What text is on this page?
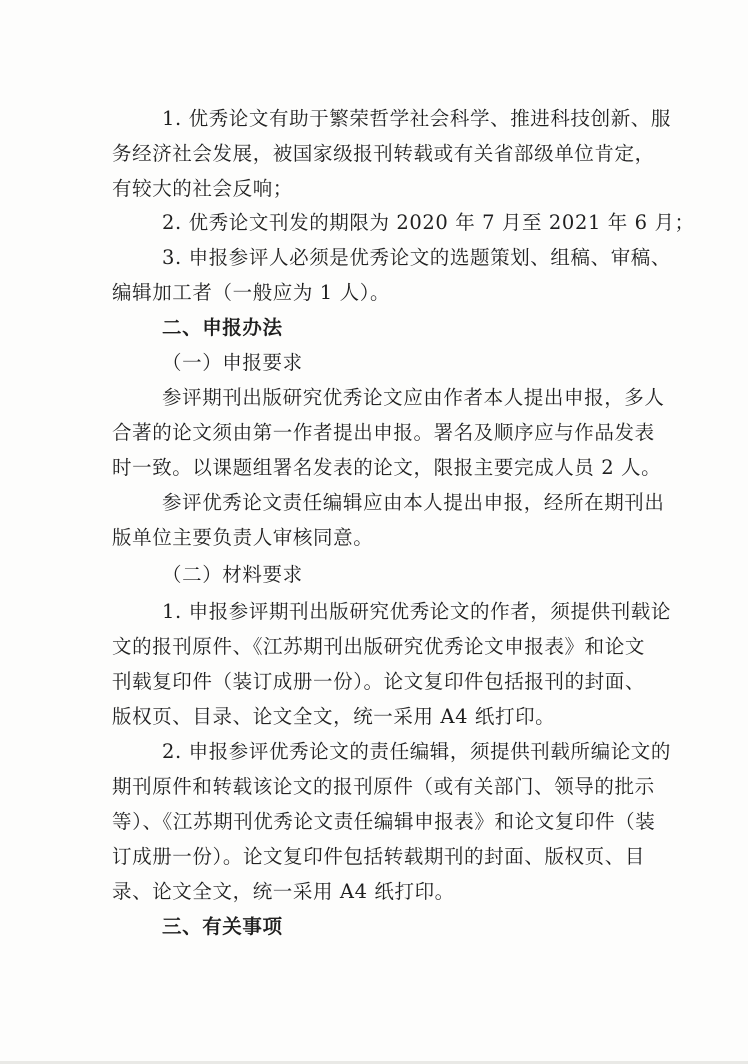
1. 优秀论文有助于繁荣哲学社会科学、推进科技创新、服
务经济社会发展，被国家级报刊转载或有关省部级单位肯定，
有较大的社会反响；
2. 优秀论文刊发的期限为 2020 年 7 月至 2021 年 6 月；
3. 申报参评人必须是优秀论文的选题策划、组稿、审稿、
编辑加工者（一般应为 1 人）。
二、申报办法
（一）申报要求
参评期刊出版研究优秀论文应由作者本人提出申报，多人
合著的论文须由第一作者提出申报。署名及顺序应与作品发表
时一致。以课题组署名发表的论文，限报主要完成人员 2 人。
参评优秀论文责任编辑应由本人提出申报，经所在期刊出
版单位主要负责人审核同意。
（二）材料要求
1. 申报参评期刊出版研究优秀论文的作者，须提供刊载论
文的报刊原件、《江苏期刊出版研究优秀论文申报表》和论文
刊载复印件（装订成册一份）。论文复印件包括报刊的封面、
版权页、目录、论文全文，统一采用 A4 纸打印。
2. 申报参评优秀论文的责任编辑，须提供刊载所编论文的
期刊原件和转载该论文的报刊原件（或有关部门、领导的批示
等）、《江苏期刊优秀论文责任编辑申报表》和论文复印件（装
订成册一份）。论文复印件包括转载期刊的封面、版权页、目
录、论文全文，统一采用 A4 纸打印。
三、有关事项
